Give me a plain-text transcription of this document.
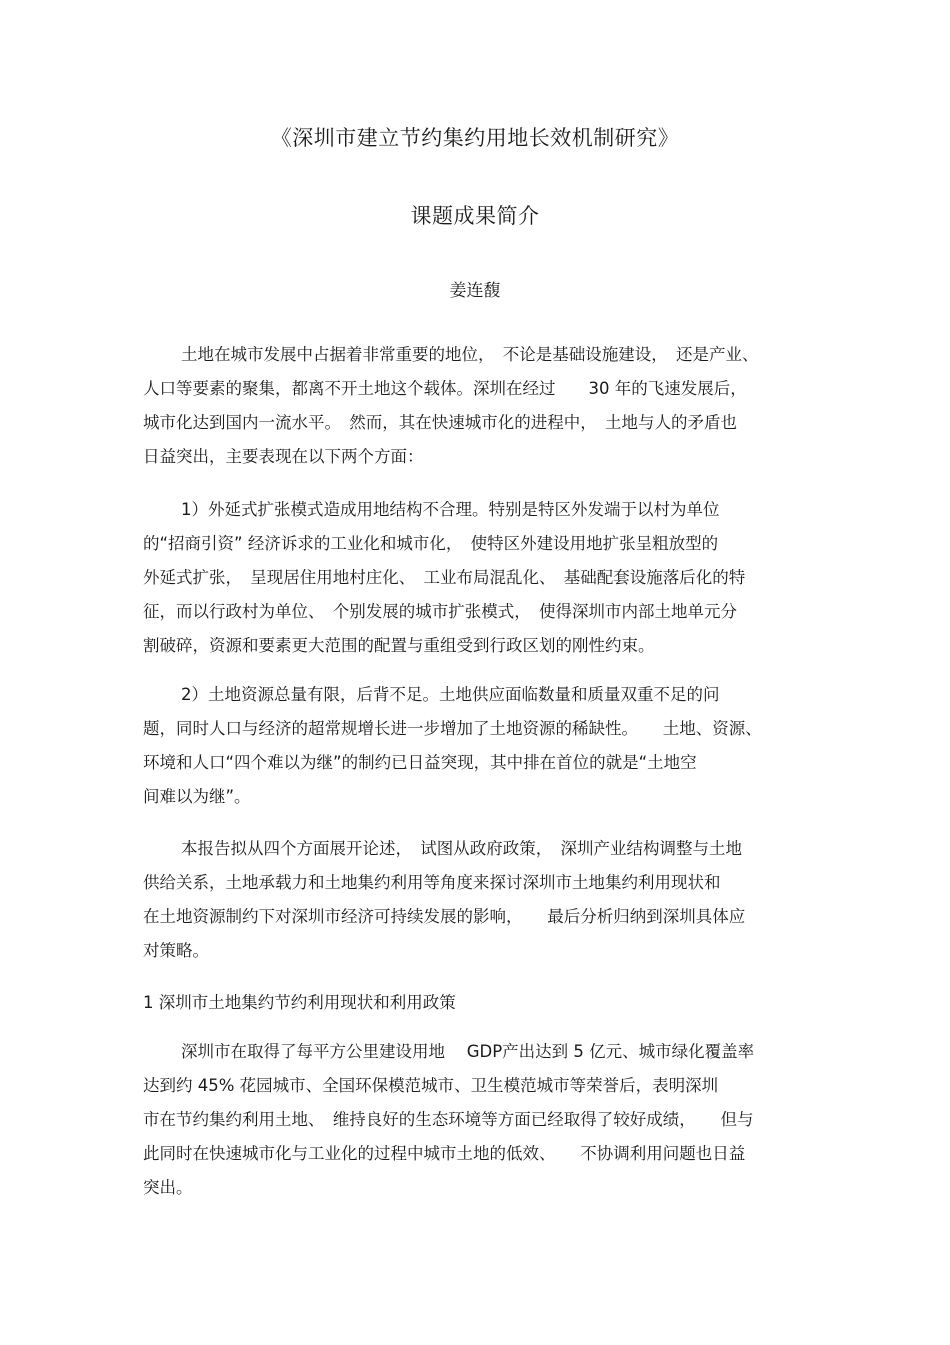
《深圳市建立节约集约用地长效机制研究》
课题成果简介
姜连馥
土地在城市发展中占据着非常重要的地位，　不论是基础设施建设，　还是产业、
人口等要素的聚集，都离不开土地这个载体。深圳在经过　　30 年的飞速发展后，
城市化达到国内一流水平。　然而，其在快速城市化的进程中，　土地与人的矛盾也
日益突出，主要表现在以下两个方面：
1）外延式扩张模式造成用地结构不合理。特别是特区外发端于以村为单位
的“招商引资” 经济诉求的工业化和城市化，　使特区外建设用地扩张呈粗放型的
外延式扩张，　呈现居住用地村庄化、　工业布局混乱化、　基础配套设施落后化的特
征，而以行政村为单位、　个别发展的城市扩张模式，　使得深圳市内部土地单元分
割破碎，资源和要素更大范围的配置与重组受到行政区划的刚性约束。
2）土地资源总量有限，后背不足。土地供应面临数量和质量双重不足的问
题，同时人口与经济的超常规增长进一步增加了土地资源的稀缺性。　　土地、资源、
环境和人口“四个难以为继”的制约已日益突现，其中排在首位的就是“土地空
间难以为继”。
本报告拟从四个方面展开论述，　试图从政府政策，　深圳产业结构调整与土地
供给关系，土地承载力和土地集约利用等角度来探讨深圳市土地集约利用现状和
在土地资源制约下对深圳市经济可持续发展的影响，　　最后分析归纳到深圳具体应
对策略。
1 深圳市土地集约节约利用现状和利用政策
深圳市在取得了每平方公里建设用地　 GDP产出达到 5 亿元、城市绿化覆盖率
达到约 45% 花园城市、全国环保模范城市、卫生模范城市等荣誉后，表明深圳
市在节约集约利用土地、　维持良好的生态环境等方面已经取得了较好成绩，　　但与
此同时在快速城市化与工业化的过程中城市土地的低效、　　不协调利用问题也日益
突出。
